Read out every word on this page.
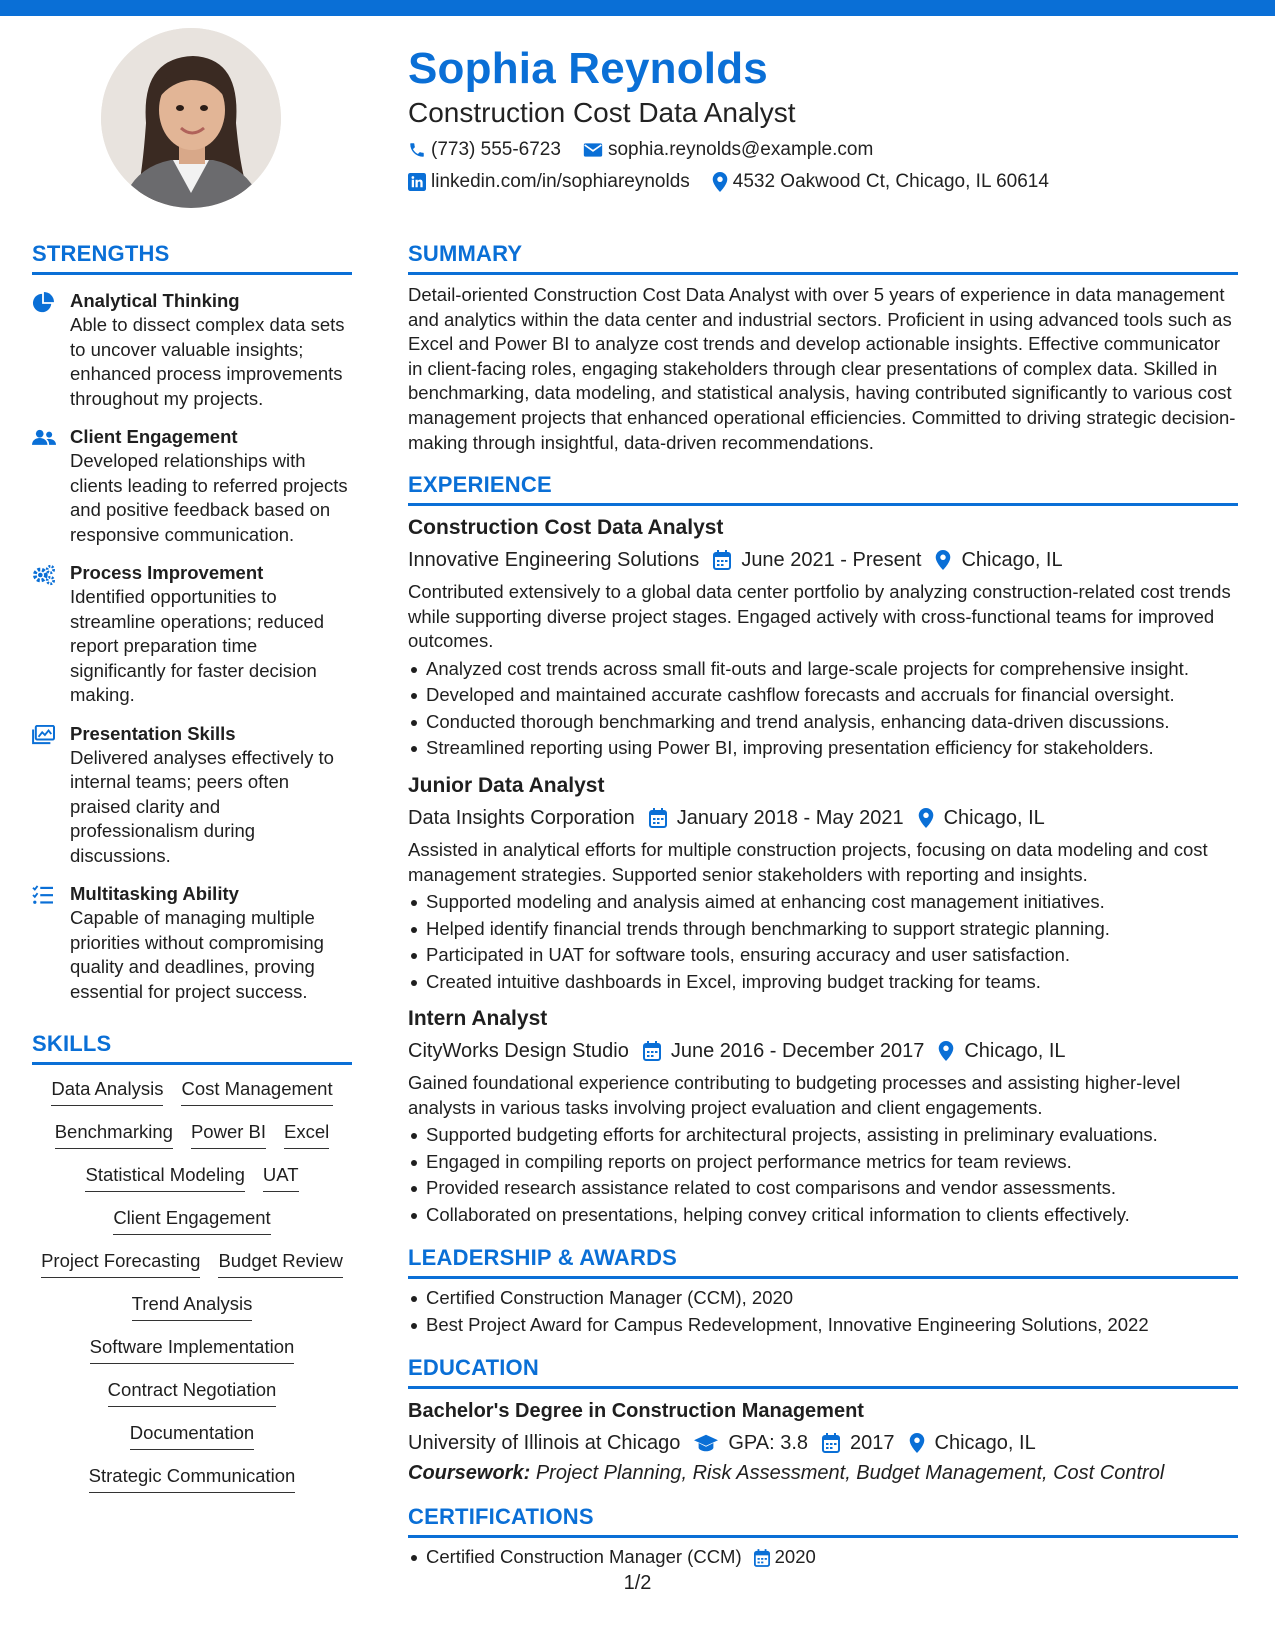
Sophia Reynolds
Construction Cost Data Analyst
(773) 555-6723 sophia.reynolds@example.com
linkedin.com/in/sophiareynolds 4532 Oakwood Ct, Chicago, IL 60614
STRENGTHS
Analytical Thinking
Able to dissect complex data sets to uncover valuable insights; enhanced process improvements throughout my projects.
Client Engagement
Developed relationships with clients leading to referred projects and positive feedback based on responsive communication.
Process Improvement
Identified opportunities to streamline operations; reduced report preparation time significantly for faster decision making.
Presentation Skills
Delivered analyses effectively to internal teams; peers often praised clarity and professionalism during discussions.
Multitasking Ability
Capable of managing multiple priorities without compromising quality and deadlines, proving essential for project success.
SKILLS
Data Analysis Cost Management
Benchmarking Power BI Excel
Statistical Modeling UAT
Client Engagement
Project Forecasting Budget Review
Trend Analysis
Software Implementation
Contract Negotiation
Documentation
Strategic Communication
SUMMARY
Detail-oriented Construction Cost Data Analyst with over 5 years of experience in data management and analytics within the data center and industrial sectors. Proficient in using advanced tools such as Excel and Power BI to analyze cost trends and develop actionable insights. Effective communicator in client-facing roles, engaging stakeholders through clear presentations of complex data. Skilled in benchmarking, data modeling, and statistical analysis, having contributed significantly to various cost management projects that enhanced operational efficiencies. Committed to driving strategic decision-making through insightful, data-driven recommendations.
EXPERIENCE
Construction Cost Data Analyst
Innovative Engineering Solutions June 2021 - Present Chicago, IL
Contributed extensively to a global data center portfolio by analyzing construction-related cost trends while supporting diverse project stages. Engaged actively with cross-functional teams for improved outcomes.
Analyzed cost trends across small fit-outs and large-scale projects for comprehensive insight.
Developed and maintained accurate cashflow forecasts and accruals for financial oversight.
Conducted thorough benchmarking and trend analysis, enhancing data-driven discussions.
Streamlined reporting using Power BI, improving presentation efficiency for stakeholders.
Junior Data Analyst
Data Insights Corporation January 2018 - May 2021 Chicago, IL
Assisted in analytical efforts for multiple construction projects, focusing on data modeling and cost management strategies. Supported senior stakeholders with reporting and insights.
Supported modeling and analysis aimed at enhancing cost management initiatives.
Helped identify financial trends through benchmarking to support strategic planning.
Participated in UAT for software tools, ensuring accuracy and user satisfaction.
Created intuitive dashboards in Excel, improving budget tracking for teams.
Intern Analyst
CityWorks Design Studio June 2016 - December 2017 Chicago, IL
Gained foundational experience contributing to budgeting processes and assisting higher-level analysts in various tasks involving project evaluation and client engagements.
Supported budgeting efforts for architectural projects, assisting in preliminary evaluations.
Engaged in compiling reports on project performance metrics for team reviews.
Provided research assistance related to cost comparisons and vendor assessments.
Collaborated on presentations, helping convey critical information to clients effectively.
LEADERSHIP & AWARDS
Certified Construction Manager (CCM), 2020
Best Project Award for Campus Redevelopment, Innovative Engineering Solutions, 2022
EDUCATION
Bachelor's Degree in Construction Management
University of Illinois at Chicago GPA: 3.8 2017 Chicago, IL
Coursework: Project Planning, Risk Assessment, Budget Management, Cost Control
CERTIFICATIONS
Certified Construction Manager (CCM) 2020
1/2
